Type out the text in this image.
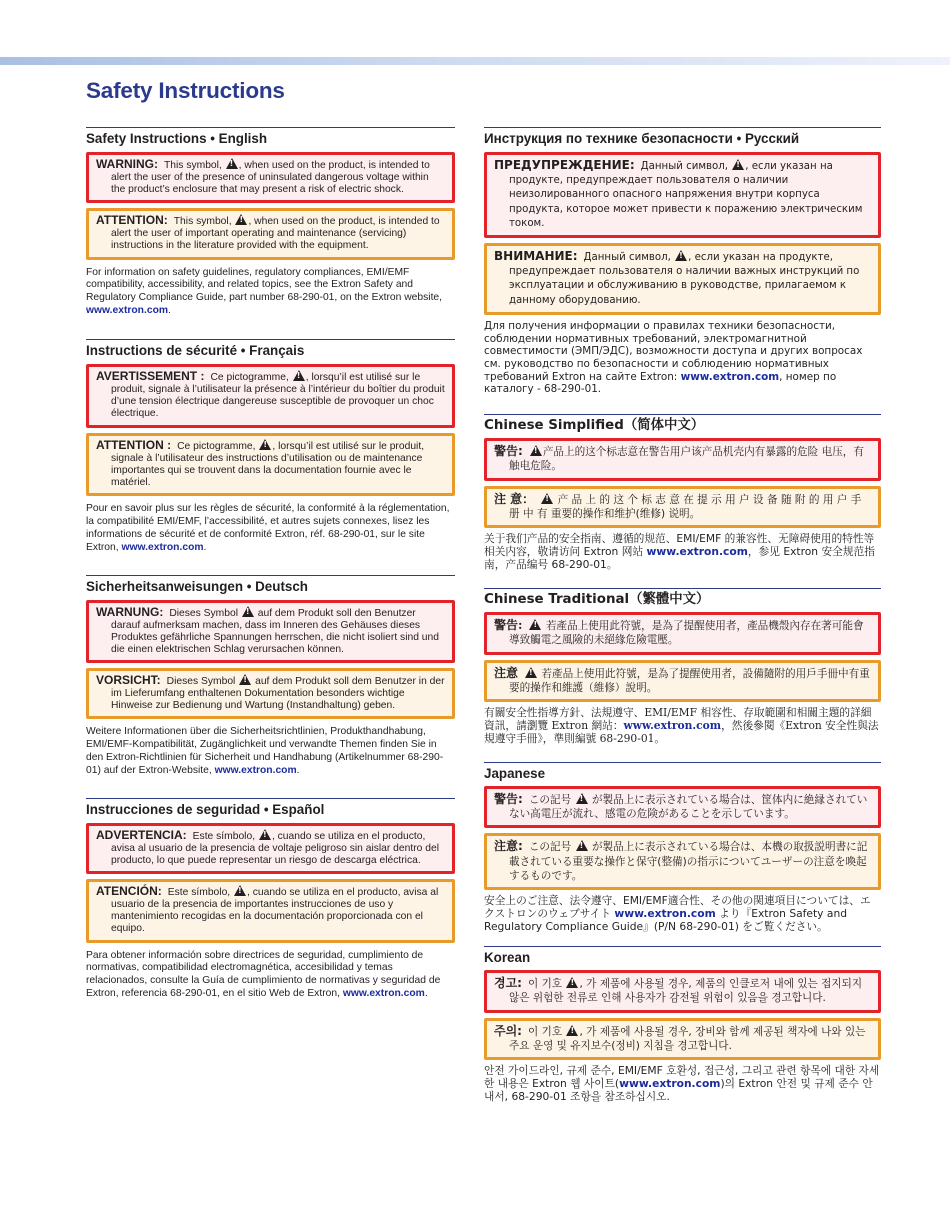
Safety Instructions
Safety Instructions • English
WARNING: This symbol, ! , when used on the product, is intended to alert the user of the presence of uninsulated dangerous voltage within the product’s enclosure that may present a risk of electric shock.
ATTENTION: This symbol, ! , when used on the product, is intended to alert the user of important operating and maintenance (servicing) instructions in the literature provided with the equipment.

For information on safety guidelines, regulatory compliances, EMI/EMF compatibility, accessibility, and related topics, see the Extron Safety and Regulatory Compliance Guide, part number 68-290-01, on the Extron website, www.extron.com.

Instructions de sécurité • Français
AVERTISSEMENT : Ce pictogramme, ! , lorsqu’il est utilisé sur le produit, signale à l’utilisateur la présence à l’intérieur du boîtier du produit d’une tension électrique dangereuse susceptible de provoquer un choc électrique.
ATTENTION : Ce pictogramme, ! , lorsqu’il est utilisé sur le produit, signale à l’utilisateur des instructions d’utilisation ou de maintenance importantes qui se trouvent dans la documentation fournie avec le matériel.

Pour en savoir plus sur les règles de sécurité, la conformité à la réglementation, la compatibilité EMI/EMF, l’accessibilité, et autres sujets connexes, lisez les informations de sécurité et de conformité Extron, réf. 68-290-01, sur le site Extron, www.extron.com.

Sicherheitsanweisungen • Deutsch
WARNUNG: Dieses Symbol ! auf dem Produkt soll den Benutzer darauf aufmerksam machen, dass im Inneren des Gehäuses dieses Produktes gefährliche Spannungen herrschen, die nicht isoliert sind und die einen elektrischen Schlag verursachen können.
VORSICHT: Dieses Symbol ! auf dem Produkt soll dem Benutzer in der im Lieferumfang enthaltenen Dokumentation besonders wichtige Hinweise zur Bedienung und Wartung (Instandhaltung) geben.

Weitere Informationen über die Sicherheitsrichtlinien, Produkthandhabung, EMI/EMF-Kompatibilität, Zugänglichkeit und verwandte Themen finden Sie in den Extron-Richtlinien für Sicherheit und Handhabung (Artikelnummer 68-290-01) auf der Extron-Website, www.extron.com.

Instrucciones de seguridad • Español
ADVERTENCIA: Este símbolo, ! , cuando se utiliza en el producto, avisa al usuario de la presencia de voltaje peligroso sin aislar dentro del producto, lo que puede representar un riesgo de descarga eléctrica.
ATENCIÓN: Este símbolo, ! , cuando se utiliza en el producto, avisa al usuario de la presencia de importantes instrucciones de uso y mantenimiento recogidas en la documentación proporcionada con el equipo.

Para obtener información sobre directrices de seguridad, cumplimiento de normativas, compatibilidad electromagnética, accesibilidad y temas relacionados, consulte la Guía de cumplimiento de normativas y seguridad de Extron, referencia 68-290-01, en el sitio Web de Extron, www.extron.com.

Инструкция по технике безопасности • Русский
ПРЕДУПРЕЖДЕНИЕ: Данный символ, ! , если указан на продукте, предупреждает пользователя о наличии неизолированного опасного напряжения внутри корпуса продукта, которое может привести к поражению электрическим током.
ВНИМАНИЕ: Данный символ, ! , если указан на продукте, предупреждает пользователя о наличии важных инструкций по эксплуатации и обслуживанию в руководстве, прилагаемом к данному оборудованию.

Для получения информации о правилах техники безопасности, соблюдении нормативных требований, электромагнитной совместимости (ЭМП/ЭДС), возможности доступа и других вопросах см. руководство по безопасности и соблюдению нормативных требований Extron на сайте Extron: www.extron.com, номер по каталогу - 68-290-01.

Chinese Simplified（简体中文）
警告: ! 产品上的这个标志意在警告用户该产品机壳内有暴露的危险 电压，有触电危险。
注 意： ! 产 品 上 的 这 个 标 志 意 在 提 示 用 户 设 备 随 附 的 用 户 手 册 中 有 重要的操作和维护(维修) 说明。

关于我们产品的安全指南、遵循的规范、EMI/EMF 的兼容性、无障碍使用的特性等相关内容，敬请访问 Extron 网站 www.extron.com，参见 Extron 安全规范指南，产品编号 68-290-01。

Chinese Traditional（繁體中文）
警告: ! 若產品上使用此符號，是為了提醒使用者，產品機殼內存在著可能會導致觸電之風險的未絕緣危險電壓。
注意 ! 若產品上使用此符號，是為了提醒使用者，設備隨附的用戶手冊中有重要的操作和維護（維修）說明。

有關安全性指導方針、法規遵守、EMI/EMF 相容性、存取範圍和相關主題的詳細資訊，請瀏覽 Extron 網站：www.extron.com，然後參閱《Extron 安全性與法規遵守手冊》，準則編號 68-290-01。

Japanese
警告: この記号 ! が製品上に表示されている場合は、筐体内に絶縁されていない高電圧が流れ、感電の危険があることを示しています。
注意: この記号 ! が製品上に表示されている場合は、本機の取扱説明書に記載されている重要な操作と保守(整備)の指示についてユーザーの注意を喚起するものです。

安全上のご注意、法令遵守、EMI/EMF適合性、その他の関連項目については、エクストロンのウェブサイト www.extron.com より『Extron Safety and Regulatory Compliance Guide』(P/N 68-290-01) をご覧ください。

Korean
경고: 이 기호 ! , 가 제품에 사용될 경우, 제품의 인클로저 내에 있는 접지되지 않은 위험한 전류로 인해 사용자가 감전될 위험이 있음을 경고합니다.
주의: 이 기호 ! , 가 제품에 사용될 경우, 장비와 함께 제공된 책자에 나와 있는 주요 운영 및 유지보수(정비) 지침을 경고합니다.

안전 가이드라인, 규제 준수, EMI/EMF 호환성, 접근성, 그리고 관련 항목에 대한 자세한 내용은 Extron 웹 사이트(www.extron.com)의 Extron 안전 및 규제 준수 안내서, 68-290-01 조항을 참조하십시오.
